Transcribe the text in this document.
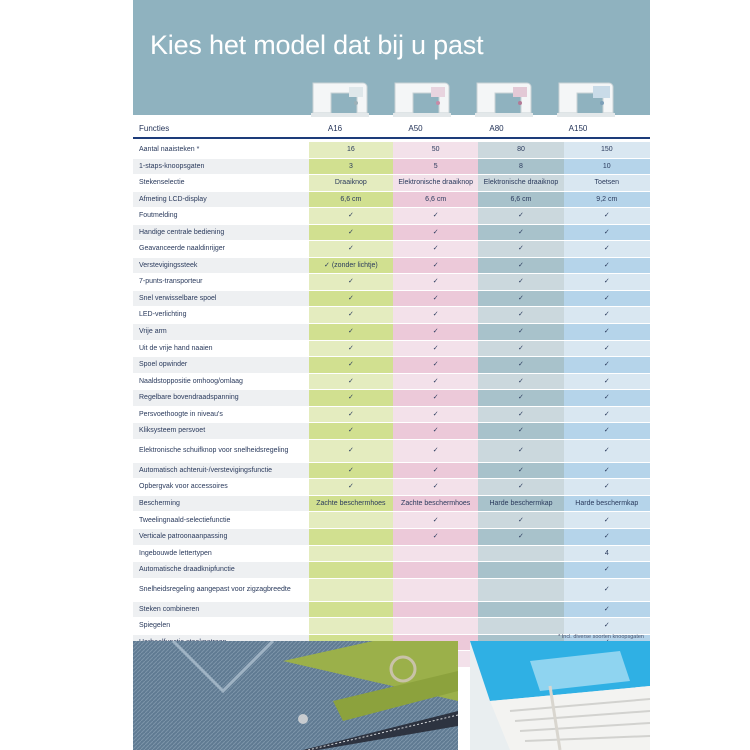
Kies het model dat bij u past
Functies	A16	A50	A80	A150
Aantal naaisteken *	16	50	80	150
1-staps-knoopsgaten	3	5	8	10
Stekenselectie	Draaiknop	Elektronische draaiknop	Elektronische draaiknop	Toetsen
Afmeting LCD-display	6,6 cm	6,6 cm	6,6 cm	9,2 cm
Foutmelding	✓	✓	✓	✓
Handige centrale bediening	✓	✓	✓	✓
Geavanceerde naaldinrijger	✓	✓	✓	✓
Verstevigingssteek	✓ (zonder lichtje)	✓	✓	✓
7-punts-transporteur	✓	✓	✓	✓
Snel verwisselbare spoel	✓	✓	✓	✓
LED-verlichting	✓	✓	✓	✓
Vrije arm	✓	✓	✓	✓
Uit de vrije hand naaien	✓	✓	✓	✓
Spoel opwinder	✓	✓	✓	✓
Naaldstoppositie omhoog/omlaag	✓	✓	✓	✓
Regelbare bovendraadspanning	✓	✓	✓	✓
Persvoethoogte in niveau's	✓	✓	✓	✓
Kliksysteem persvoet	✓	✓	✓	✓
Elektronische schuifknop voor snelheidsregeling	✓	✓	✓	✓
Automatisch achteruit-/verstevigingsfunctie	✓	✓	✓	✓
Opbergvak voor accessoires	✓	✓	✓	✓
Bescherming	Zachte beschermhoes	Zachte beschermhoes	Harde beschermkap	Harde beschermkap
Tweelingnaald-selectiefunctie		✓	✓	✓
Verticale patroonaanpassing		✓	✓	✓
Ingebouwde lettertypen				4
Automatische draadknipfunctie				✓
Snelheidsregeling aangepast voor zigzagbreedte				✓
Steken combineren				✓
Spiegelen				✓

* Incl. diverse soorten knoopsgaten
